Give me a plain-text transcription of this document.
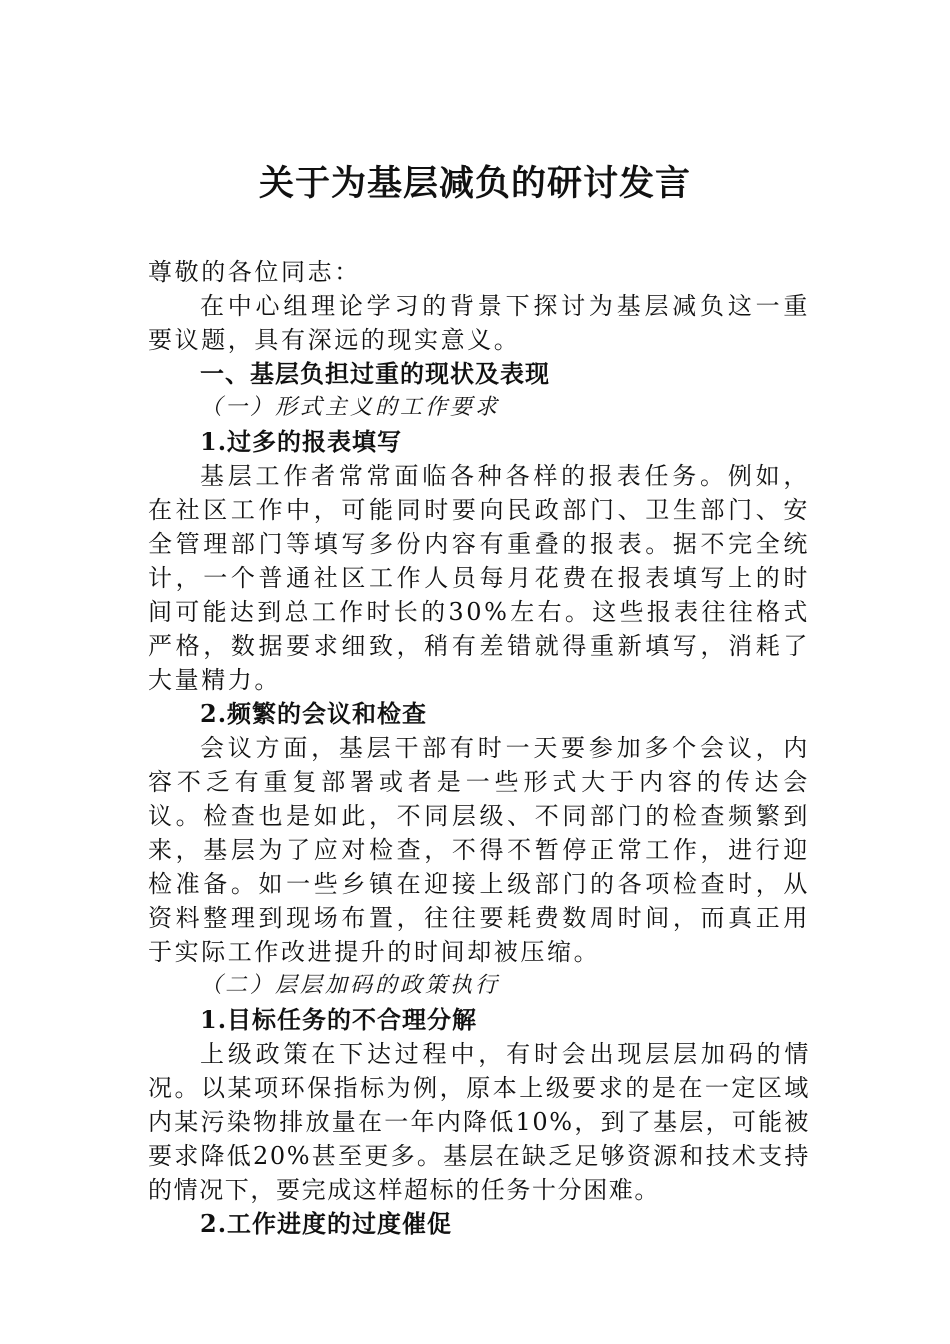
关于为基层减负的研讨发言

尊敬的各位同志：

在中心组理论学习的背景下探讨为基层减负这一重要议题，具有深远的现实意义。

一、基层负担过重的现状及表现

（一）形式主义的工作要求

1.过多的报表填写

基层工作者常常面临各种各样的报表任务。例如，在社区工作中，可能同时要向民政部门、卫生部门、安全管理部门等填写多份内容有重叠的报表。据不完全统计，一个普通社区工作人员每月花费在报表填写上的时间可能达到总工作时长的30%左右。这些报表往往格式严格，数据要求细致，稍有差错就得重新填写，消耗了大量精力。

2.频繁的会议和检查

会议方面，基层干部有时一天要参加多个会议，内容不乏有重复部署或者是一些形式大于内容的传达会议。检查也是如此，不同层级、不同部门的检查频繁到来，基层为了应对检查，不得不暂停正常工作，进行迎检准备。如一些乡镇在迎接上级部门的各项检查时，从资料整理到现场布置，往往要耗费数周时间，而真正用于实际工作改进提升的时间却被压缩。

（二）层层加码的政策执行

1.目标任务的不合理分解

上级政策在下达过程中，有时会出现层层加码的情况。以某项环保指标为例，原本上级要求的是在一定区域内某污染物排放量在一年内降低10%，到了基层，可能被要求降低20%甚至更多。基层在缺乏足够资源和技术支持的情况下，要完成这样超标的任务十分困难。

2.工作进度的过度催促
